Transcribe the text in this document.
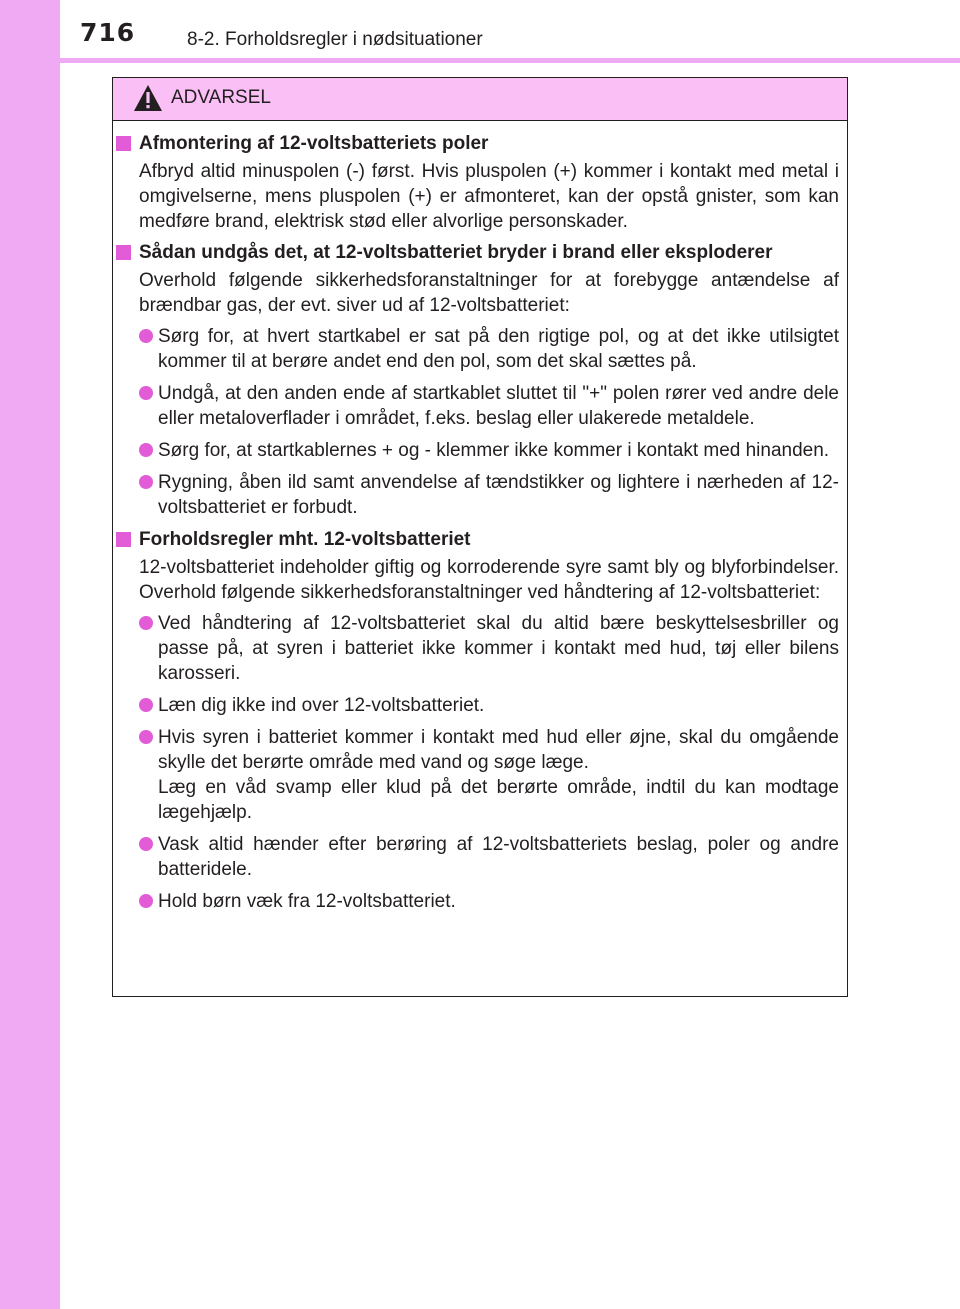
716	8-2. Forholdsregler i nødsituationer
ADVARSEL
Afmontering af 12-voltsbatteriets poler
Afbryd altid minuspolen (-) først. Hvis pluspolen (+) kommer i kontakt med metal i omgivelserne, mens pluspolen (+) er afmonteret, kan der opstå gnister, som kan medføre brand, elektrisk stød eller alvorlige personskader.
Sådan undgås det, at 12-voltsbatteriet bryder i brand eller eksploderer
Overhold følgende sikkerhedsforanstaltninger for at forebygge antændelse af brændbar gas, der evt. siver ud af 12-voltsbatteriet:
Sørg for, at hvert startkabel er sat på den rigtige pol, og at det ikke utilsigtet kommer til at berøre andet end den pol, som det skal sættes på.
Undgå, at den anden ende af startkablet sluttet til "+" polen rører ved andre dele eller metaloverflader i området, f.eks. beslag eller ulakerede metaldele.
Sørg for, at startkablernes + og - klemmer ikke kommer i kontakt med hinanden.
Rygning, åben ild samt anvendelse af tændstikker og lightere i nærheden af 12-voltsbatteriet er forbudt.
Forholdsregler mht. 12-voltsbatteriet
12-voltsbatteriet indeholder giftig og korroderende syre samt bly og blyforbindelser. Overhold følgende sikkerhedsforanstaltninger ved håndtering af 12-voltsbatteriet:
Ved håndtering af 12-voltsbatteriet skal du altid bære beskyttelsesbriller og passe på, at syren i batteriet ikke kommer i kontakt med hud, tøj eller bilens karosseri.
Læn dig ikke ind over 12-voltsbatteriet.
Hvis syren i batteriet kommer i kontakt med hud eller øjne, skal du omgående skylle det berørte område med vand og søge læge.
Læg en våd svamp eller klud på det berørte område, indtil du kan modtage lægehjælp.
Vask altid hænder efter berøring af 12-voltsbatteriets beslag, poler og andre batteridele.
Hold børn væk fra 12-voltsbatteriet.
